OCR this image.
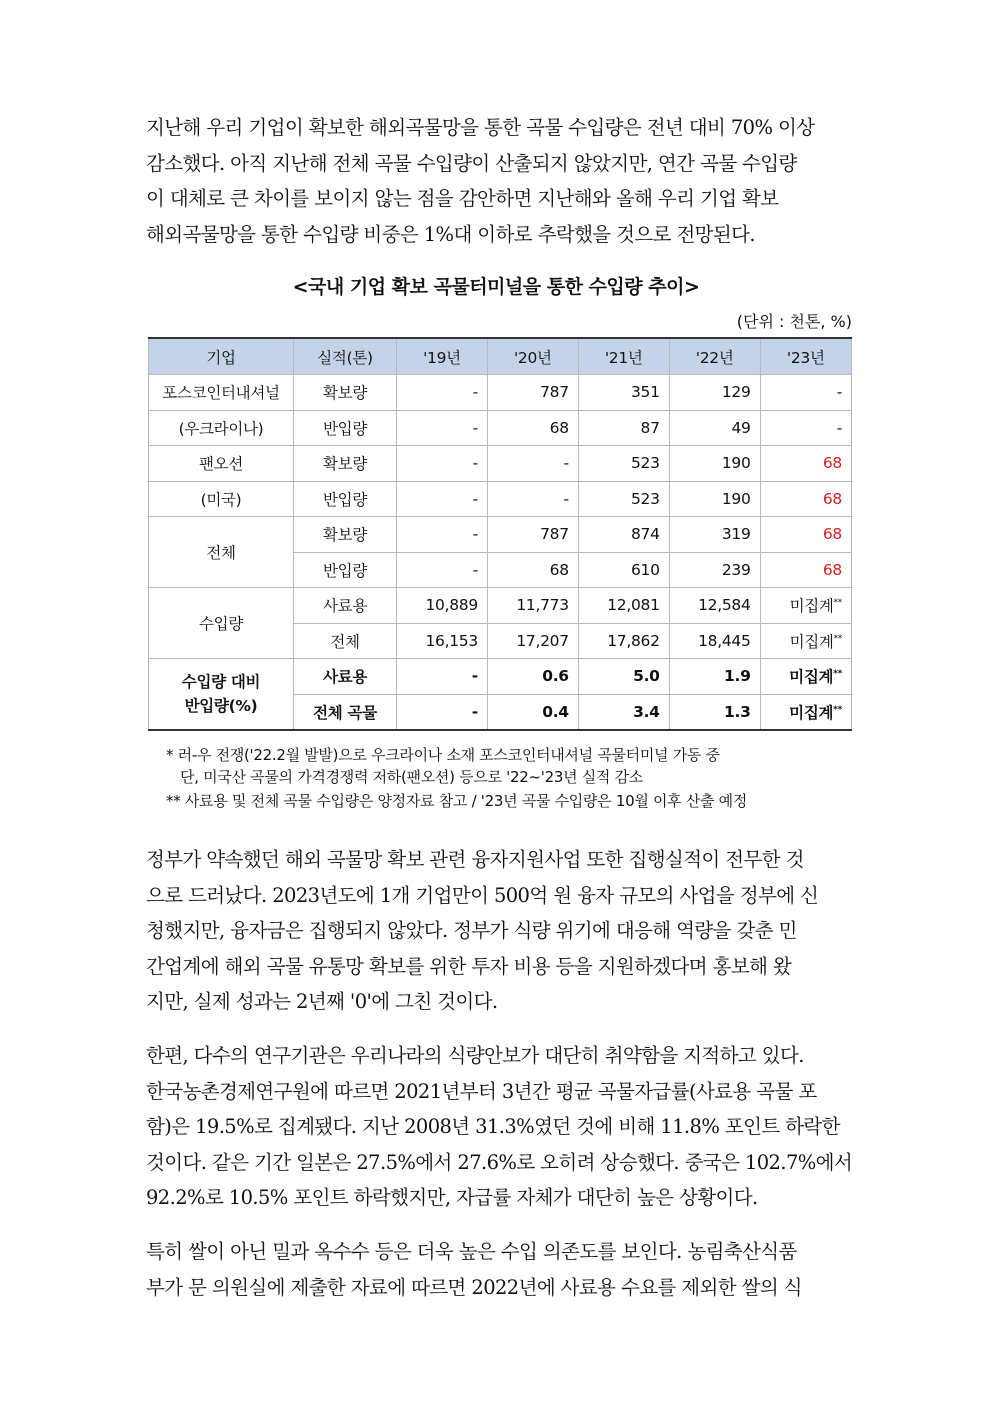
지난해 우리 기업이 확보한 해외곡물망을 통한 곡물 수입량은 전년 대비 70% 이상
감소했다. 아직 지난해 전체 곡물 수입량이 산출되지 않았지만, 연간 곡물 수입량
이 대체로 큰 차이를 보이지 않는 점을 감안하면 지난해와 올해 우리 기업 확보
해외곡물망을 통한 수입량 비중은 1%대 이하로 추락했을 것으로 전망된다.
<국내 기업 확보 곡물터미널을 통한 수입량 추이>
(단위 : 천톤, %)
기업	실적(톤)	'19년	'20년	'21년	'22년	'23년
포스코인터내셔널	확보량	-	787	351	129	-
(우크라이나)	반입량	-	68	87	49	-
팬오션	확보량	-	-	523	190	68
(미국)	반입량	-	-	523	190	68
전체	확보량	-	787	874	319	68
	반입량	-	68	610	239	68
수입량	사료용	10,889	11,773	12,081	12,584	미집계**
	전체	16,153	17,207	17,862	18,445	미집계**
수입량 대비
반입량(%)	사료용	-	0.6	5.0	1.9	미집계**
	전체 곡물	-	0.4	3.4	1.3	미집계**
* 러-우 전쟁('22.2월 발발)으로 우크라이나 소재 포스코인터내셔널 곡물터미널 가동 중
단, 미국산 곡물의 가격경쟁력 저하(팬오션) 등으로 '22~'23년 실적 감소
** 사료용 및 전체 곡물 수입량은 양정자료 참고 / '23년 곡물 수입량은 10월 이후 산출 예정
정부가 약속했던 해외 곡물망 확보 관련 융자지원사업 또한 집행실적이 전무한 것
으로 드러났다. 2023년도에 1개 기업만이 500억 원 융자 규모의 사업을 정부에 신
청했지만, 융자금은 집행되지 않았다. 정부가 식량 위기에 대응해 역량을 갖춘 민
간업계에 해외 곡물 유통망 확보를 위한 투자 비용 등을 지원하겠다며 홍보해 왔
지만, 실제 성과는 2년째 '0'에 그친 것이다.
한편, 다수의 연구기관은 우리나라의 식량안보가 대단히 취약함을 지적하고 있다.
한국농촌경제연구원에 따르면 2021년부터 3년간 평균 곡물자급률(사료용 곡물 포
함)은 19.5%로 집계됐다. 지난 2008년 31.3%였던 것에 비해 11.8% 포인트 하락한
것이다. 같은 기간 일본은 27.5%에서 27.6%로 오히려 상승했다. 중국은 102.7%에서
92.2%로 10.5% 포인트 하락했지만, 자급률 자체가 대단히 높은 상황이다.
특히 쌀이 아닌 밀과 옥수수 등은 더욱 높은 수입 의존도를 보인다. 농림축산식품
부가 문 의원실에 제출한 자료에 따르면 2022년에 사료용 수요를 제외한 쌀의 식
